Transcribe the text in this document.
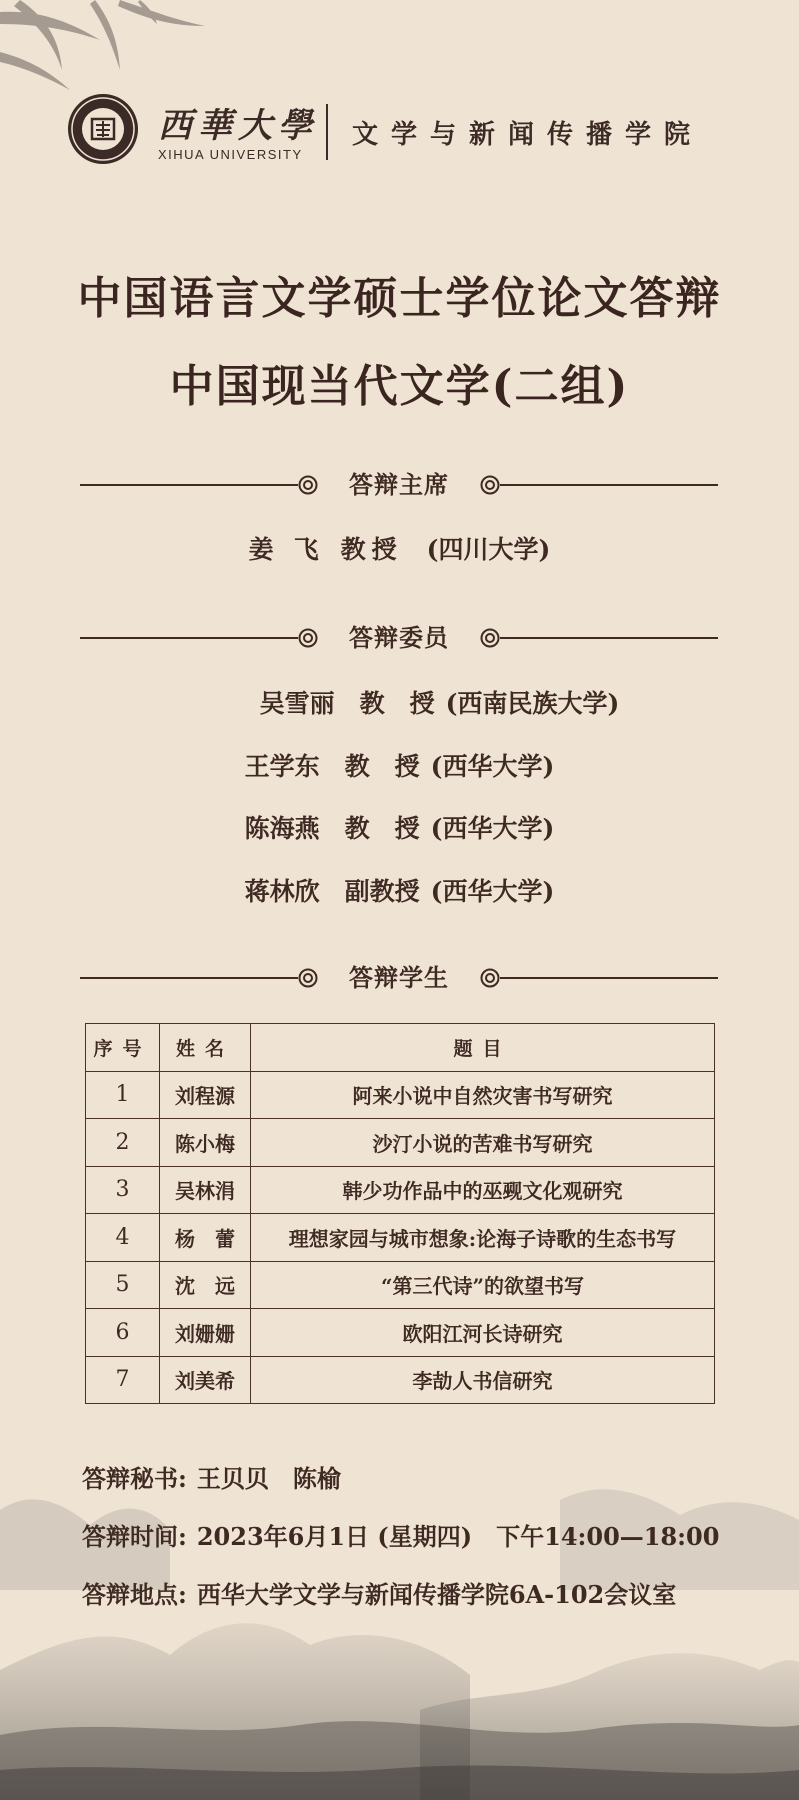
西華大學
XIHUA UNIVERSITY
文学与新闻传播学院
中国语言文学硕士学位论文答辩
中国现当代文学(二组)
答辩主席
姜飞教授 (四川大学)
答辩委员
吴雪丽 教　授 (西南民族大学)
王学东 教　授 (西华大学)
陈海燕 教　授 (西华大学)
蒋林欣 副教授 (西华大学)
答辩学生
序号	姓名	题目
1	刘程源	阿来小说中自然灾害书写研究
2	陈小梅	沙汀小说的苦难书写研究
3	吴林涓	韩少功作品中的巫觋文化观研究
4	杨　蕾	理想家园与城市想象:论海子诗歌的生态书写
5	沈　远	“第三代诗”的欲望书写
6	刘姗姗	欧阳江河长诗研究
7	刘美希	李劼人书信研究
答辩秘书: 王贝贝　陈榆
答辩时间: 2023年6月1日 (星期四)　下午14:00—18:00
答辩地点: 西华大学文学与新闻传播学院6A-102会议室
